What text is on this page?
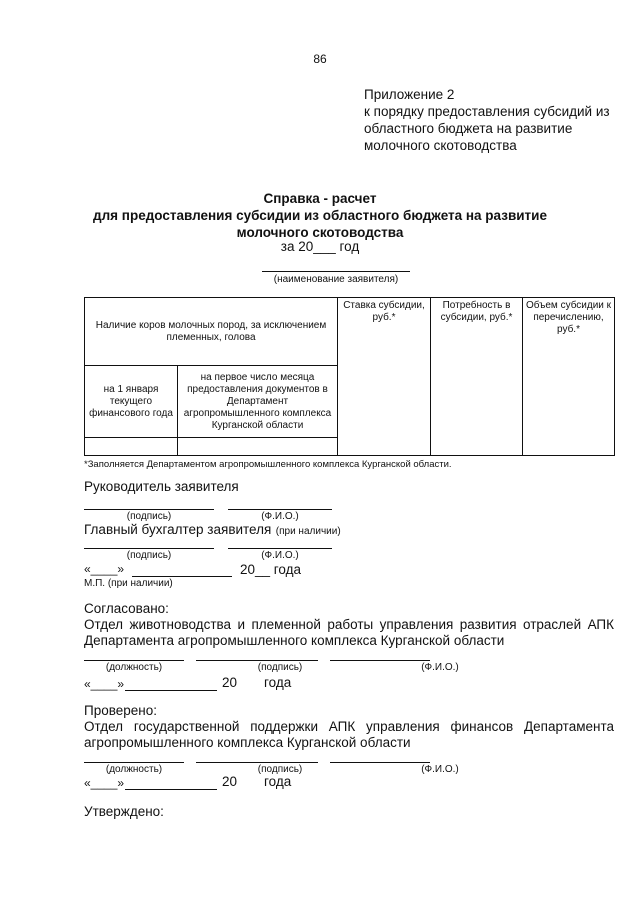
86
Приложение 2
к порядку предоставления субсидий из
областного бюджета на развитие
молочного скотоводства
Справка - расчет
для предоставления субсидии из областного бюджета на развитие
молочного скотоводства
за 20___ год
(наименование заявителя)
Наличие коров молочных пород, за исключением племенных, голова		Ставка субсидии, руб.*	Потребность в субсидии, руб.*	Объем субсидии к перечислению, руб.*
на 1 января текущего финансового года	на первое число месяца предоставления документов в Департамент агропромышленного комплекса Курганской области			

*Заполняется Департаментом агропромышленного комплекса Курганской области.
Руководитель заявителя
(подпись)	(Ф.И.О.)
Главный бухгалтер заявителя (при наличии)
(подпись)	(Ф.И.О.)
«____»	20__ года
М.П. (при наличии)
Согласовано:
Отдел животноводства и племенной работы управления развития отраслей АПК
Департамента агропромышленного комплекса Курганской области
(должность)	(подпись)	(Ф.И.О.)
«____»	20 года
Проверено:
Отдел государственной поддержки АПК управления финансов Департамента
агропромышленного комплекса Курганской области
(должность)	(подпись)	(Ф.И.О.)
«____»	20 года
Утверждено:
